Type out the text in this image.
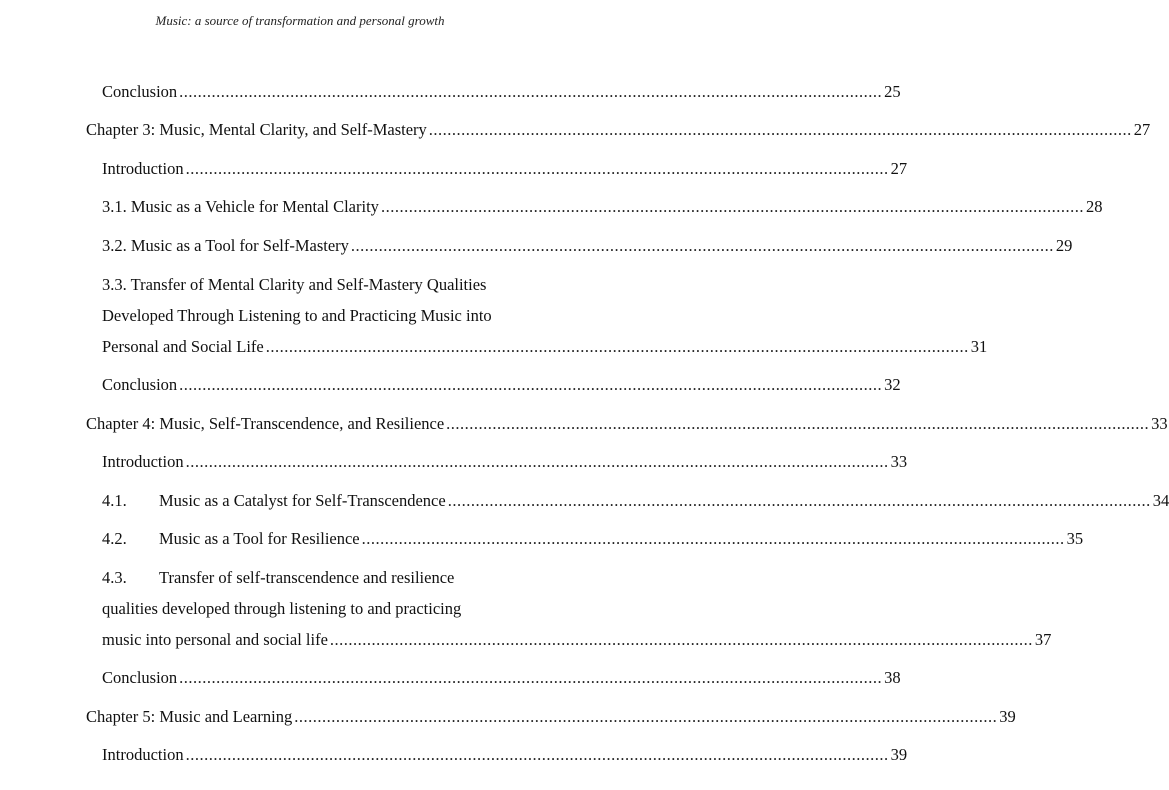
Music: a source of transformation and personal growth
Conclusion ........................................................................................................................................................ 25
Chapter 3: Music, Mental Clarity, and Self-Mastery ........................................................................................................................................................ 27
Introduction ........................................................................................................................................................ 27
3.1. Music as a Vehicle for Mental Clarity ........................................................................................................................................................ 28
3.2. Music as a Tool for Self-Mastery ........................................................................................................................................................ 29
3.3. Transfer of Mental Clarity and Self-Mastery Qualities
Developed Through Listening to and Practicing Music into
Personal and Social Life ........................................................................................................................................................ 31
Conclusion ........................................................................................................................................................ 32
Chapter 4: Music, Self-Transcendence, and Resilience ........................................................................................................................................................ 33
Introduction ........................................................................................................................................................ 33
4.1. Music as a Catalyst for Self-Transcendence ........................................................................................................................................................ 34
4.2. Music as a Tool for Resilience ........................................................................................................................................................ 35
4.3. Transfer of self-transcendence and resilience
qualities developed through listening to and practicing
music into personal and social life ........................................................................................................................................................ 37
Conclusion ........................................................................................................................................................ 38
Chapter 5: Music and Learning ........................................................................................................................................................ 39
Introduction ........................................................................................................................................................ 39
